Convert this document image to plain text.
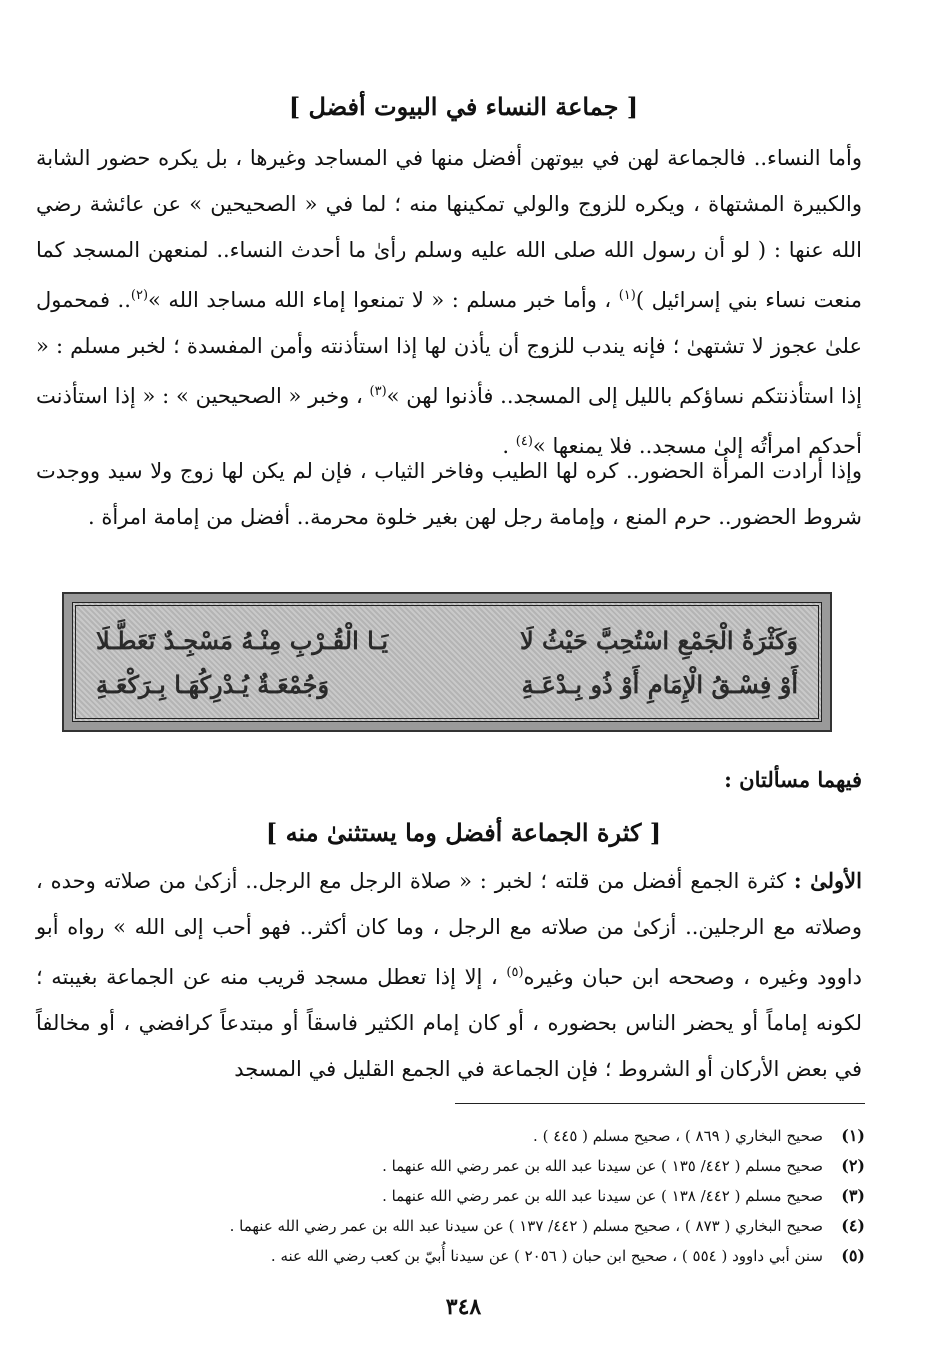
[ جماعة النساء في البيوت أفضل ]

وأما النساء.. فالجماعة لهن في بيوتهن أفضل منها في المساجد وغيرها ، بل يكره حضور الشابة والكبيرة المشتهاة ، ويكره للزوج والولي تمكينها منه ؛ لما في « الصحيحين » عن عائشة رضي الله عنها : ( لو أن رسول الله صلى الله عليه وسلم رأىٰ ما أحدث النساء.. لمنعهن المسجد كما منعت نساء بني إسرائيل )$^{(١)}$ ، وأما خبر مسلم : « لا تمنعوا إماء الله مساجد الله »$^{(٢)}$.. فمحمول علىٰ عجوز لا تشتهىٰ ؛ فإنه يندب للزوج أن يأذن لها إذا استأذنته وأمن المفسدة ؛ لخبر مسلم : « إذا استأذنتكم نساؤكم بالليل إلى المسجد.. فأذنوا لهن »$^{(٣)}$ ، وخبر « الصحيحين » : « إذا استأذنت أحدكم امرأتُه إلىٰ مسجد.. فلا يمنعها »$^{(٤)}$ .

وإذا أرادت المرأة الحضور.. كره لها الطيب وفاخر الثياب ، فإن لم يكن لها زوج ولا سيد ووجدت شروط الحضور.. حرم المنع ، وإمامة رجل لهن بغير خلوة محرمة.. أفضل من إمامة امرأة .

وَكَثْرَةُ الْجَمْعِ اسْتُحِبَّ حَيْثُ لَا
يَـا الْقُـرْبِ مِنْـهُ مَسْجِـدٌ تَعَطَّـلَا
أَوْ فِسْـقُ الْإِمَامِ أَوْ ذُو بِـدْعَـةِ
وَجُمْعَـةٌ يُـدْرِكُهَـا بِـرَكْعَـةِ
فيهما مسألتان :
[ كثرة الجماعة أفضل وما يستثنىٰ منه ]

الأولىٰ : كثرة الجمع أفضل من قلته ؛ لخبر : « صلاة الرجل مع الرجل.. أزكىٰ من صلاته وحده ، وصلاته مع الرجلين.. أزكىٰ من صلاته مع الرجل ، وما كان أكثر.. فهو أحب إلى الله » رواه أبو داوود وغيره ، وصححه ابن حبان وغيره$^{(٥)}$ ، إلا إذا تعطل مسجد قريب منه عن الجماعة بغيبته ؛ لكونه إماماً أو يحضر الناس بحضوره ، أو كان إمام الكثير فاسقاً أو مبتدعاً كرافضي ، أو مخالفاً في بعض الأركان أو الشروط ؛ فإن الجماعة في الجمع القليل في المسجد

(١)
صحيح البخاري ( ٨٦٩ ) ، صحيح مسلم ( ٤٤٥ ) .
(٢)
صحيح مسلم ( ٤٤٢/ ١٣٥ ) عن سيدنا عبد الله بن عمر رضي الله عنهما .
(٣)
صحيح مسلم ( ٤٤٢/ ١٣٨ ) عن سيدنا عبد الله بن عمر رضي الله عنهما .
(٤)
صحيح البخاري ( ٨٧٣ ) ، صحيح مسلم ( ٤٤٢/ ١٣٧ ) عن سيدنا عبد الله بن عمر رضي الله عنهما .
(٥)
سنن أبي داوود ( ٥٥٤ ) ، صحيح ابن حبان ( ٢٠٥٦ ) عن سيدنا أُبيّ بن كعب رضي الله عنه .
٣٤٨
